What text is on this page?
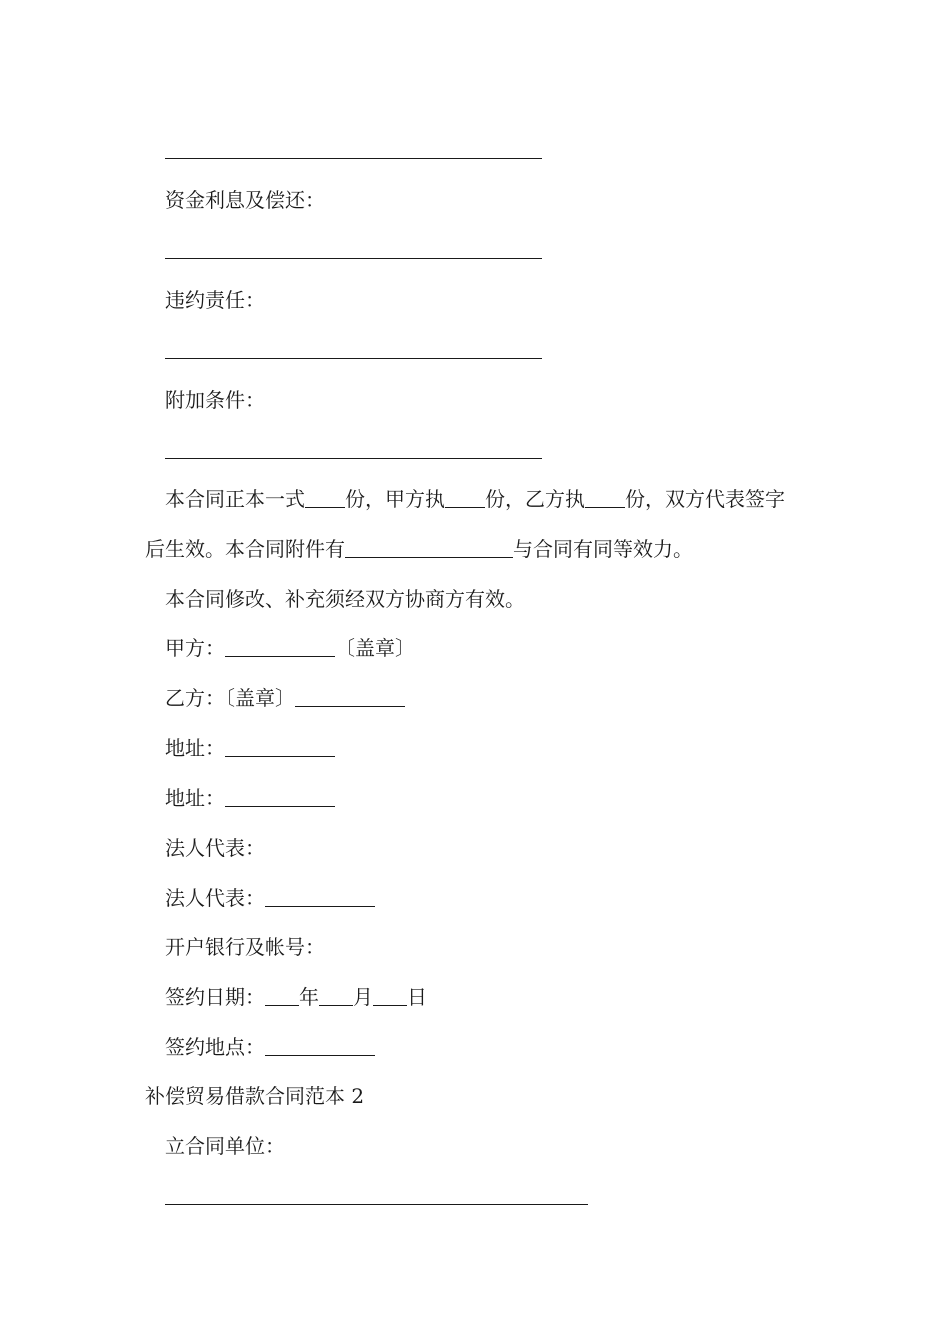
资金利息及偿还：
违约责任：
附加条件：
本合同正本一式 份，甲方执 份，乙方执 份，双方代表签字
后生效。本合同附件有	与合同有同等效力。
本合同修改、补充须经双方协商方有效。
甲方：	〔盖章〕
乙方：〔盖章〕
地址：
地址：
法人代表：
法人代表：
开户银行及帐号：
签约日期： 年 月 日
签约地点：
补偿贸易借款合同范本 2
立合同单位：
